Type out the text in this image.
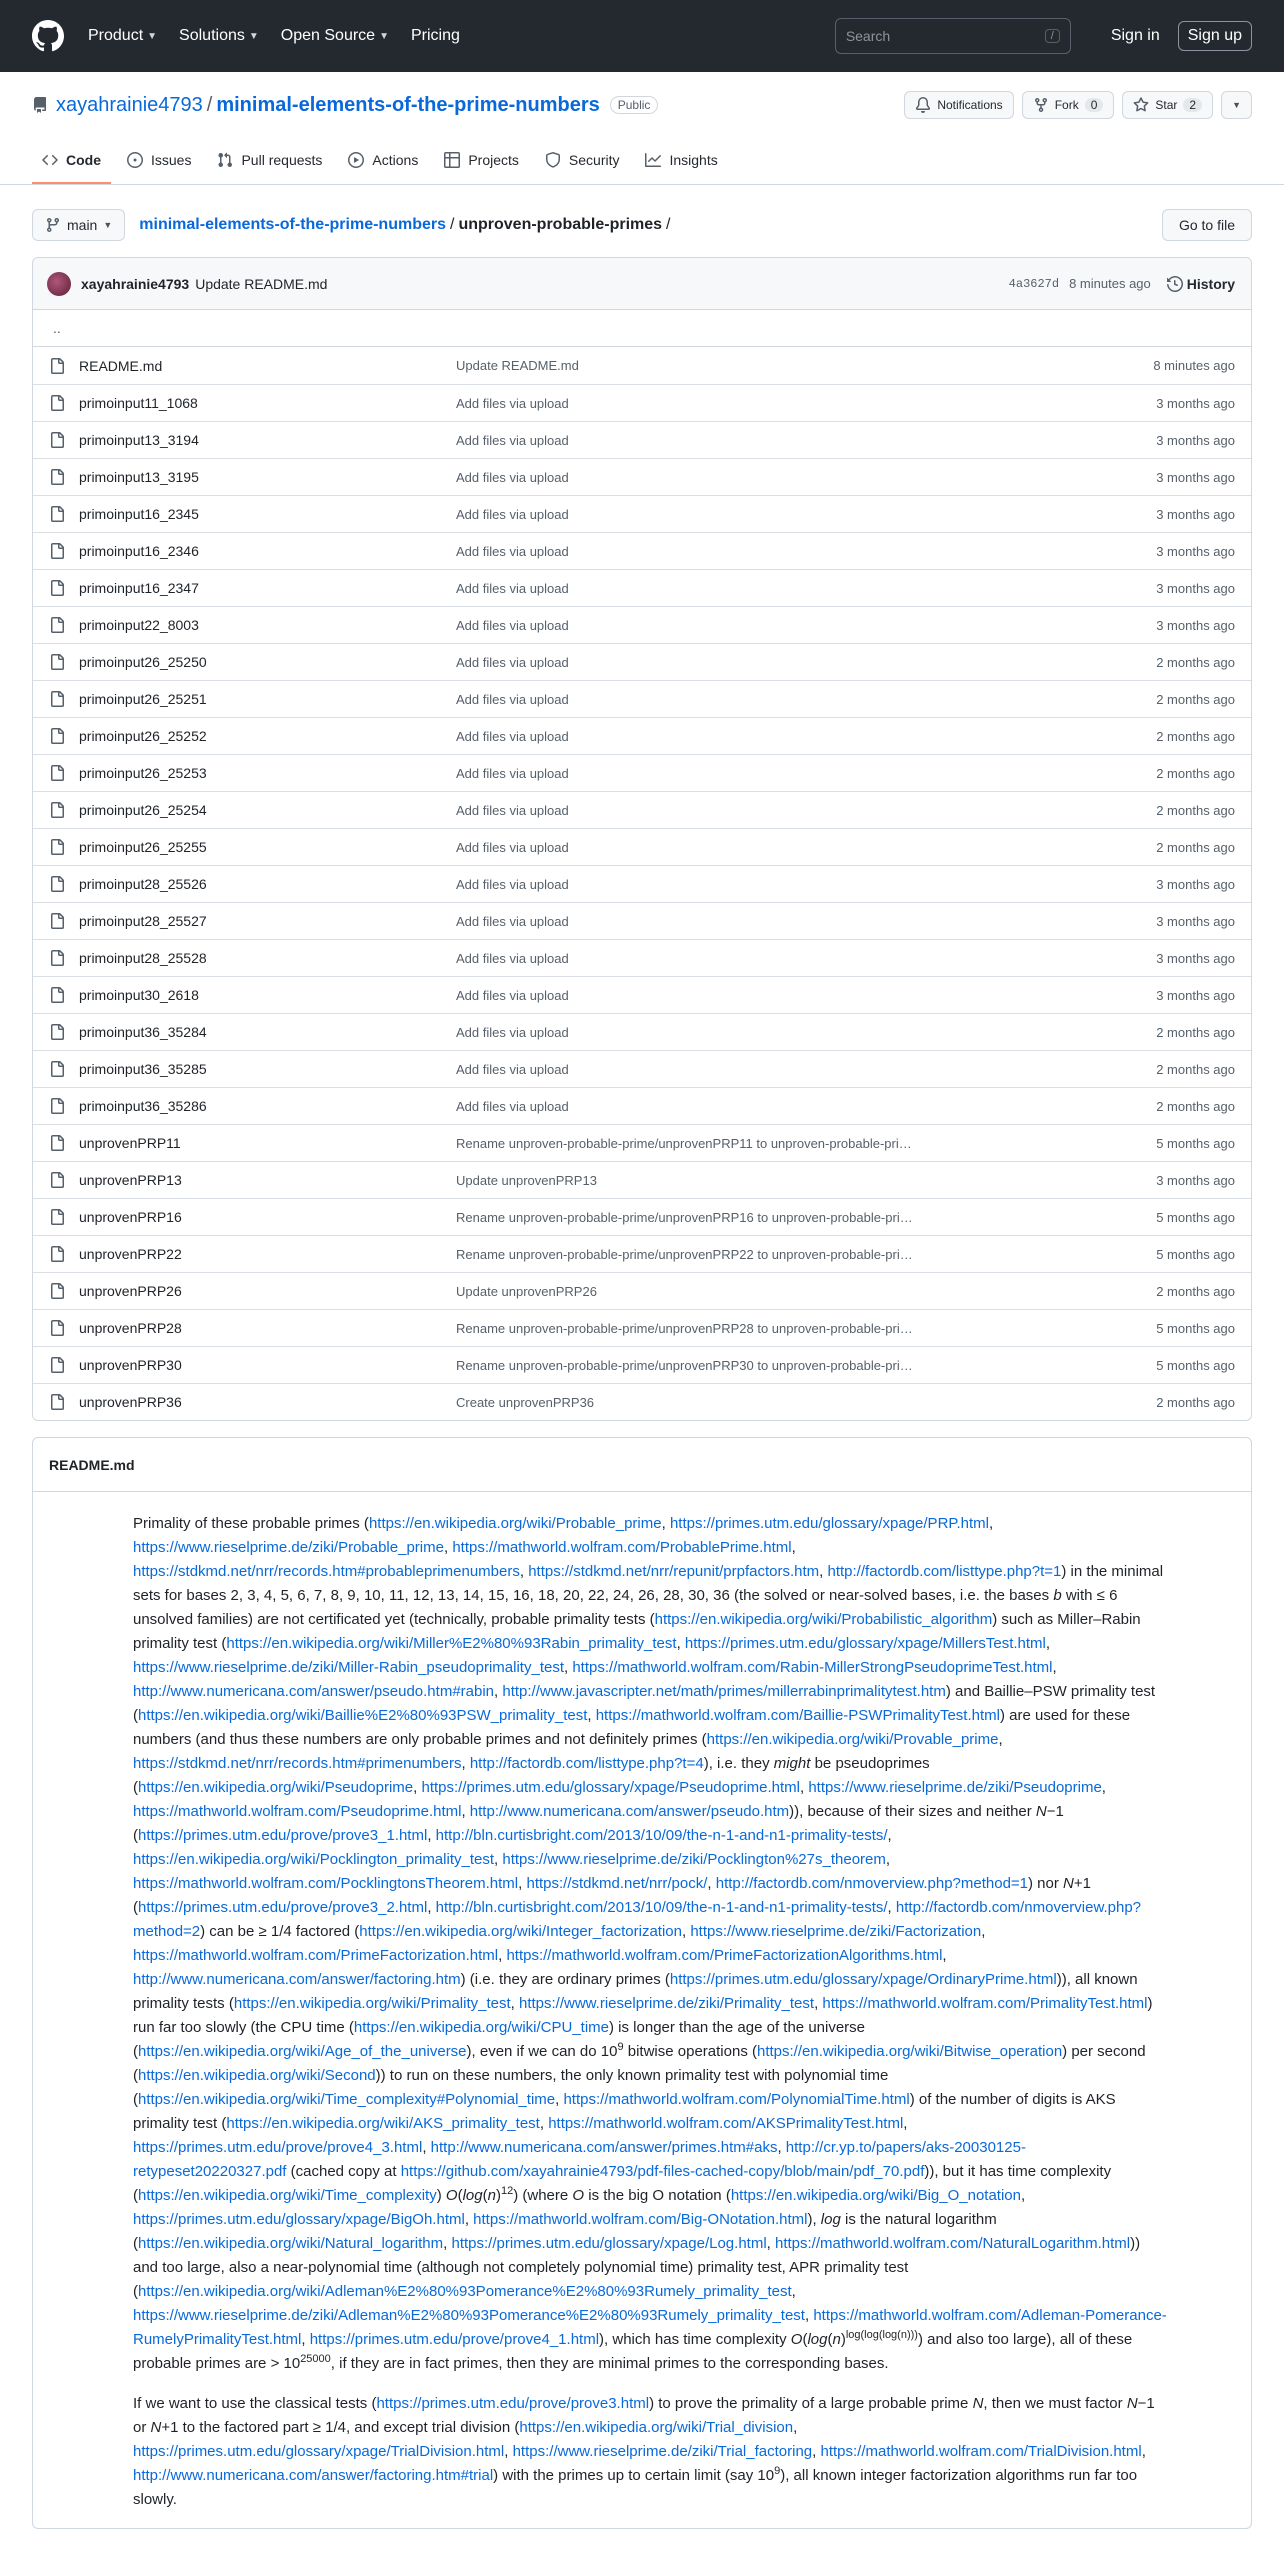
Product ▼ Solutions ▼ Open Source ▼ Pricing	Search	/	Sign in	Sign up
xayahrainie4793 / minimal-elements-of-the-prime-numbers	Public	Notifications	Fork	0	Star	2	▼
Code	Issues	Pull requests	Actions	Projects	Security	Insights
main ▼ minimal-elements-of-the-prime-numbers / unproven-probable-primes /	Go to file
xayahrainie4793 Update README.md	4a3627d 8 minutes ago	History
..
README.md	Update README.md	8 minutes ago
primoinput11_1068	Add files via upload	3 months ago
primoinput13_3194	Add files via upload	3 months ago
primoinput13_3195	Add files via upload	3 months ago
primoinput16_2345	Add files via upload	3 months ago
primoinput16_2346	Add files via upload	3 months ago
primoinput16_2347	Add files via upload	3 months ago
primoinput22_8003	Add files via upload	3 months ago
primoinput26_25250	Add files via upload	2 months ago
primoinput26_25251	Add files via upload	2 months ago
primoinput26_25252	Add files via upload	2 months ago
primoinput26_25253	Add files via upload	2 months ago
primoinput26_25254	Add files via upload	2 months ago
primoinput26_25255	Add files via upload	2 months ago
primoinput28_25526	Add files via upload	3 months ago
primoinput28_25527	Add files via upload	3 months ago
primoinput28_25528	Add files via upload	3 months ago
primoinput30_2618	Add files via upload	3 months ago
primoinput36_35284	Add files via upload	2 months ago
primoinput36_35285	Add files via upload	2 months ago
primoinput36_35286	Add files via upload	2 months ago
unprovenPRP11	Rename unproven-probable-prime/unprovenPRP11 to unproven-probable-pri…	5 months ago
unprovenPRP13	Update unprovenPRP13	3 months ago
unprovenPRP16	Rename unproven-probable-prime/unprovenPRP16 to unproven-probable-pri…	5 months ago
unprovenPRP22	Rename unproven-probable-prime/unprovenPRP22 to unproven-probable-pri…	5 months ago
unprovenPRP26	Update unprovenPRP26	2 months ago
unprovenPRP28	Rename unproven-probable-prime/unprovenPRP28 to unproven-probable-pri…	5 months ago
unprovenPRP30	Rename unproven-probable-prime/unprovenPRP30 to unproven-probable-pri…	5 months ago
unprovenPRP36	Create unprovenPRP36	2 months ago
README.md

Primality of these probable primes (https://en.wikipedia.org/wiki/Probable_prime, https://primes.utm.edu/glossary/xpage/PRP.html, https://www.rieselprime.de/ziki/Probable_prime, https://mathworld.wolfram.com/ProbablePrime.html, https://stdkmd.net/nrr/records.htm#probableprimenumbers, https://stdkmd.net/nrr/repunit/prpfactors.htm, http://factordb.com/listtype.php?t=1) in the minimal sets for bases 2, 3, 4, 5, 6, 7, 8, 9, 10, 11, 12, 13, 14, 15, 16, 18, 20, 22, 24, 26, 28, 30, 36 (the solved or near-solved bases, i.e. the bases b with ≤ 6 unsolved families) are not certificated yet (technically, probable primality tests (https://en.wikipedia.org/wiki/Probabilistic_algorithm) such as Miller–Rabin primality test (https://en.wikipedia.org/wiki/Miller%E2%80%93Rabin_primality_test, https://primes.utm.edu/glossary/xpage/MillersTest.html, https://www.rieselprime.de/ziki/Miller-Rabin_pseudoprimality_test, https://mathworld.wolfram.com/Rabin-MillerStrongPseudoprimeTest.html, http://www.numericana.com/answer/pseudo.htm#rabin, http://www.javascripter.net/math/primes/millerrabinprimalitytest.htm) and Baillie–PSW primality test (https://en.wikipedia.org/wiki/Baillie%E2%80%93PSW_primality_test, https://mathworld.wolfram.com/Baillie-PSWPrimalityTest.html) are used for these numbers (and thus these numbers are only probable primes and not definitely primes (https://en.wikipedia.org/wiki/Provable_prime, https://stdkmd.net/nrr/records.htm#primenumbers, http://factordb.com/listtype.php?t=4), i.e. they might be pseudoprimes (https://en.wikipedia.org/wiki/Pseudoprime, https://primes.utm.edu/glossary/xpage/Pseudoprime.html, https://www.rieselprime.de/ziki/Pseudoprime, https://mathworld.wolfram.com/Pseudoprime.html, http://www.numericana.com/answer/pseudo.htm)), because of their sizes and neither N−1 (https://primes.utm.edu/prove/prove3_1.html, http://bln.curtisbright.com/2013/10/09/the-n-1-and-n1-primality-tests/, https://en.wikipedia.org/wiki/Pocklington_primality_test, https://www.rieselprime.de/ziki/Pocklington%27s_theorem, https://mathworld.wolfram.com/PocklingtonsTheorem.html, https://stdkmd.net/nrr/pock/, http://factordb.com/nmoverview.php?method=1) nor N+1 (https://primes.utm.edu/prove/prove3_2.html, http://bln.curtisbright.com/2013/10/09/the-n-1-and-n1-primality-tests/, http://factordb.com/nmoverview.php?method=2) can be ≥ 1/4 factored (https://en.wikipedia.org/wiki/Integer_factorization, https://www.rieselprime.de/ziki/Factorization, https://mathworld.wolfram.com/PrimeFactorization.html, https://mathworld.wolfram.com/PrimeFactorizationAlgorithms.html, http://www.numericana.com/answer/factoring.htm) (i.e. they are ordinary primes (https://primes.utm.edu/glossary/xpage/OrdinaryPrime.html)), all known primality tests (https://en.wikipedia.org/wiki/Primality_test, https://www.rieselprime.de/ziki/Primality_test, https://mathworld.wolfram.com/PrimalityTest.html) run far too slowly (the CPU time (https://en.wikipedia.org/wiki/CPU_time) is longer than the age of the universe (https://en.wikipedia.org/wiki/Age_of_the_universe), even if we can do $10^9$ bitwise operations (https://en.wikipedia.org/wiki/Bitwise_operation) per second (https://en.wikipedia.org/wiki/Second)) to run on these numbers, the only known primality test with polynomial time (https://en.wikipedia.org/wiki/Time_complexity#Polynomial_time, https://mathworld.wolfram.com/PolynomialTime.html) of the number of digits is AKS primality test (https://en.wikipedia.org/wiki/AKS_primality_test, https://mathworld.wolfram.com/AKSPrimalityTest.html, https://primes.utm.edu/prove/prove4_3.html, http://www.numericana.com/answer/primes.htm#aks, http://cr.yp.to/papers/aks-20030125-retypeset20220327.pdf (cached copy at https://github.com/xayahrainie4793/pdf-files-cached-copy/blob/main/pdf_70.pdf)), but it has time complexity (https://en.wikipedia.org/wiki/Time_complexity) $O(\log(n)^{12})$ (where O is the big O notation (https://en.wikipedia.org/wiki/Big_O_notation, https://primes.utm.edu/glossary/xpage/BigOh.html, https://mathworld.wolfram.com/Big-ONotation.html), log is the natural logarithm (https://en.wikipedia.org/wiki/Natural_logarithm, https://primes.utm.edu/glossary/xpage/Log.html, https://mathworld.wolfram.com/NaturalLogarithm.html)) and too large, also a near-polynomial time (although not completely polynomial time) primality test, APR primality test (https://en.wikipedia.org/wiki/Adleman%E2%80%93Pomerance%E2%80%93Rumely_primality_test, https://www.rieselprime.de/ziki/Adleman%E2%80%93Pomerance%E2%80%93Rumely_primality_test, https://mathworld.wolfram.com/Adleman-Pomerance-RumelyPrimalityTest.html, https://primes.utm.edu/prove/prove4_1.html), which has time complexity $O(\log(n)^{log(log(log(n)))})$ and also too large), all of these probable primes are > $10^{25000}$, if they are in fact primes, then they are minimal primes to the corresponding bases.

If we want to use the classical tests (https://primes.utm.edu/prove/prove3.html) to prove the primality of a large probable prime N, then we must factor N−1 or N+1 to the factored part ≥ 1/4, and except trial division (https://en.wikipedia.org/wiki/Trial_division, https://primes.utm.edu/glossary/xpage/TrialDivision.html, https://www.rieselprime.de/ziki/Trial_factoring, https://mathworld.wolfram.com/TrialDivision.html, http://www.numericana.com/answer/factoring.htm#trial) with the primes up to certain limit (say $10^9$), all known integer factorization algorithms run far too slowly.
